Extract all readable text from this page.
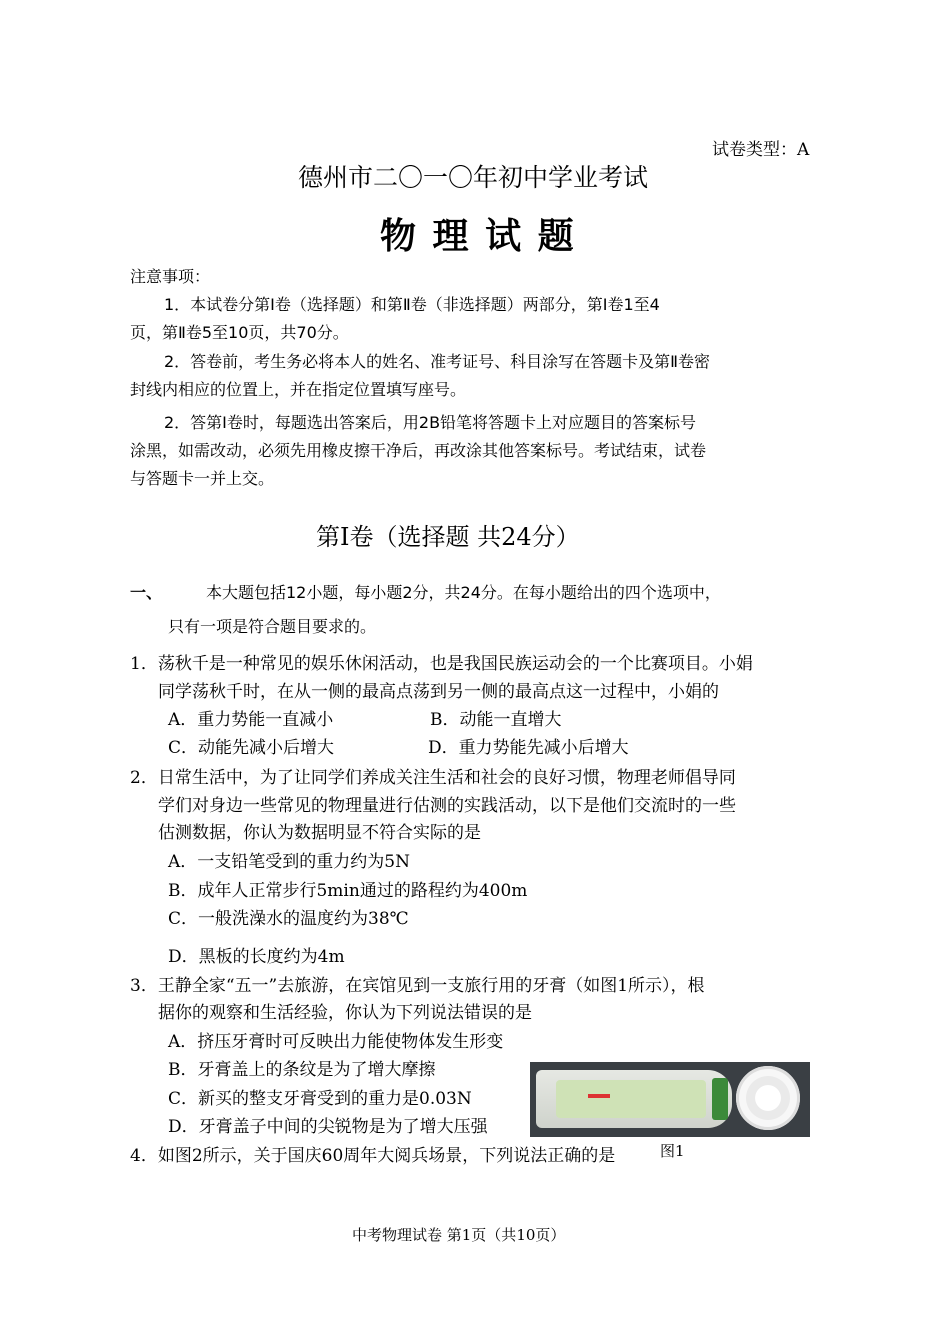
试卷类型：A
德州市二〇一〇年初中学业考试
物 理 试 题
注意事项：
1．本试卷分第Ⅰ卷（选择题）和第Ⅱ卷（非选择题）两部分，第Ⅰ卷1至4
页，第Ⅱ卷5至10页，共70分。
2．答卷前，考生务必将本人的姓名、准考证号、科目涂写在答题卡及第Ⅱ卷密
封线内相应的位置上，并在指定位置填写座号。
2．答第Ⅰ卷时，每题选出答案后，用2B铅笔将答题卡上对应题目的答案标号
涂黑，如需改动，必须先用橡皮擦干净后，再改涂其他答案标号。考试结束，试卷
与答题卡一并上交。
第Ⅰ卷（选择题 共24分）
一、	本大题包括12小题，每小题2分，共24分。在每小题给出的四个选项中，
只有一项是符合题目要求的。
1．荡秋千是一种常见的娱乐休闲活动，也是我国民族运动会的一个比赛项目。小娟
同学荡秋千时，在从一侧的最高点荡到另一侧的最高点这一过程中，小娟的
A．重力势能一直减小	B．动能一直增大
C．动能先减小后增大	D．重力势能先减小后增大
2．日常生活中，为了让同学们养成关注生活和社会的良好习惯，物理老师倡导同
学们对身边一些常见的物理量进行估测的实践活动，以下是他们交流时的一些
估测数据，你认为数据明显不符合实际的是
A．一支铅笔受到的重力约为5N
B．成年人正常步行5min通过的路程约为400m
C．一般洗澡水的温度约为38℃
D．黑板的长度约为4m
3．王静全家“五一”去旅游，在宾馆见到一支旅行用的牙膏（如图1所示），根
据你的观察和生活经验，你认为下列说法错误的是
A．挤压牙膏时可反映出力能使物体发生形变
B．牙膏盖上的条纹是为了增大摩擦
C．新买的整支牙膏受到的重力是0.03N
D．牙膏盖子中间的尖锐物是为了增大压强
4．如图2所示，关于国庆60周年大阅兵场景，下列说法正确的是	图1
中考物理试卷 第1页（共10页）
